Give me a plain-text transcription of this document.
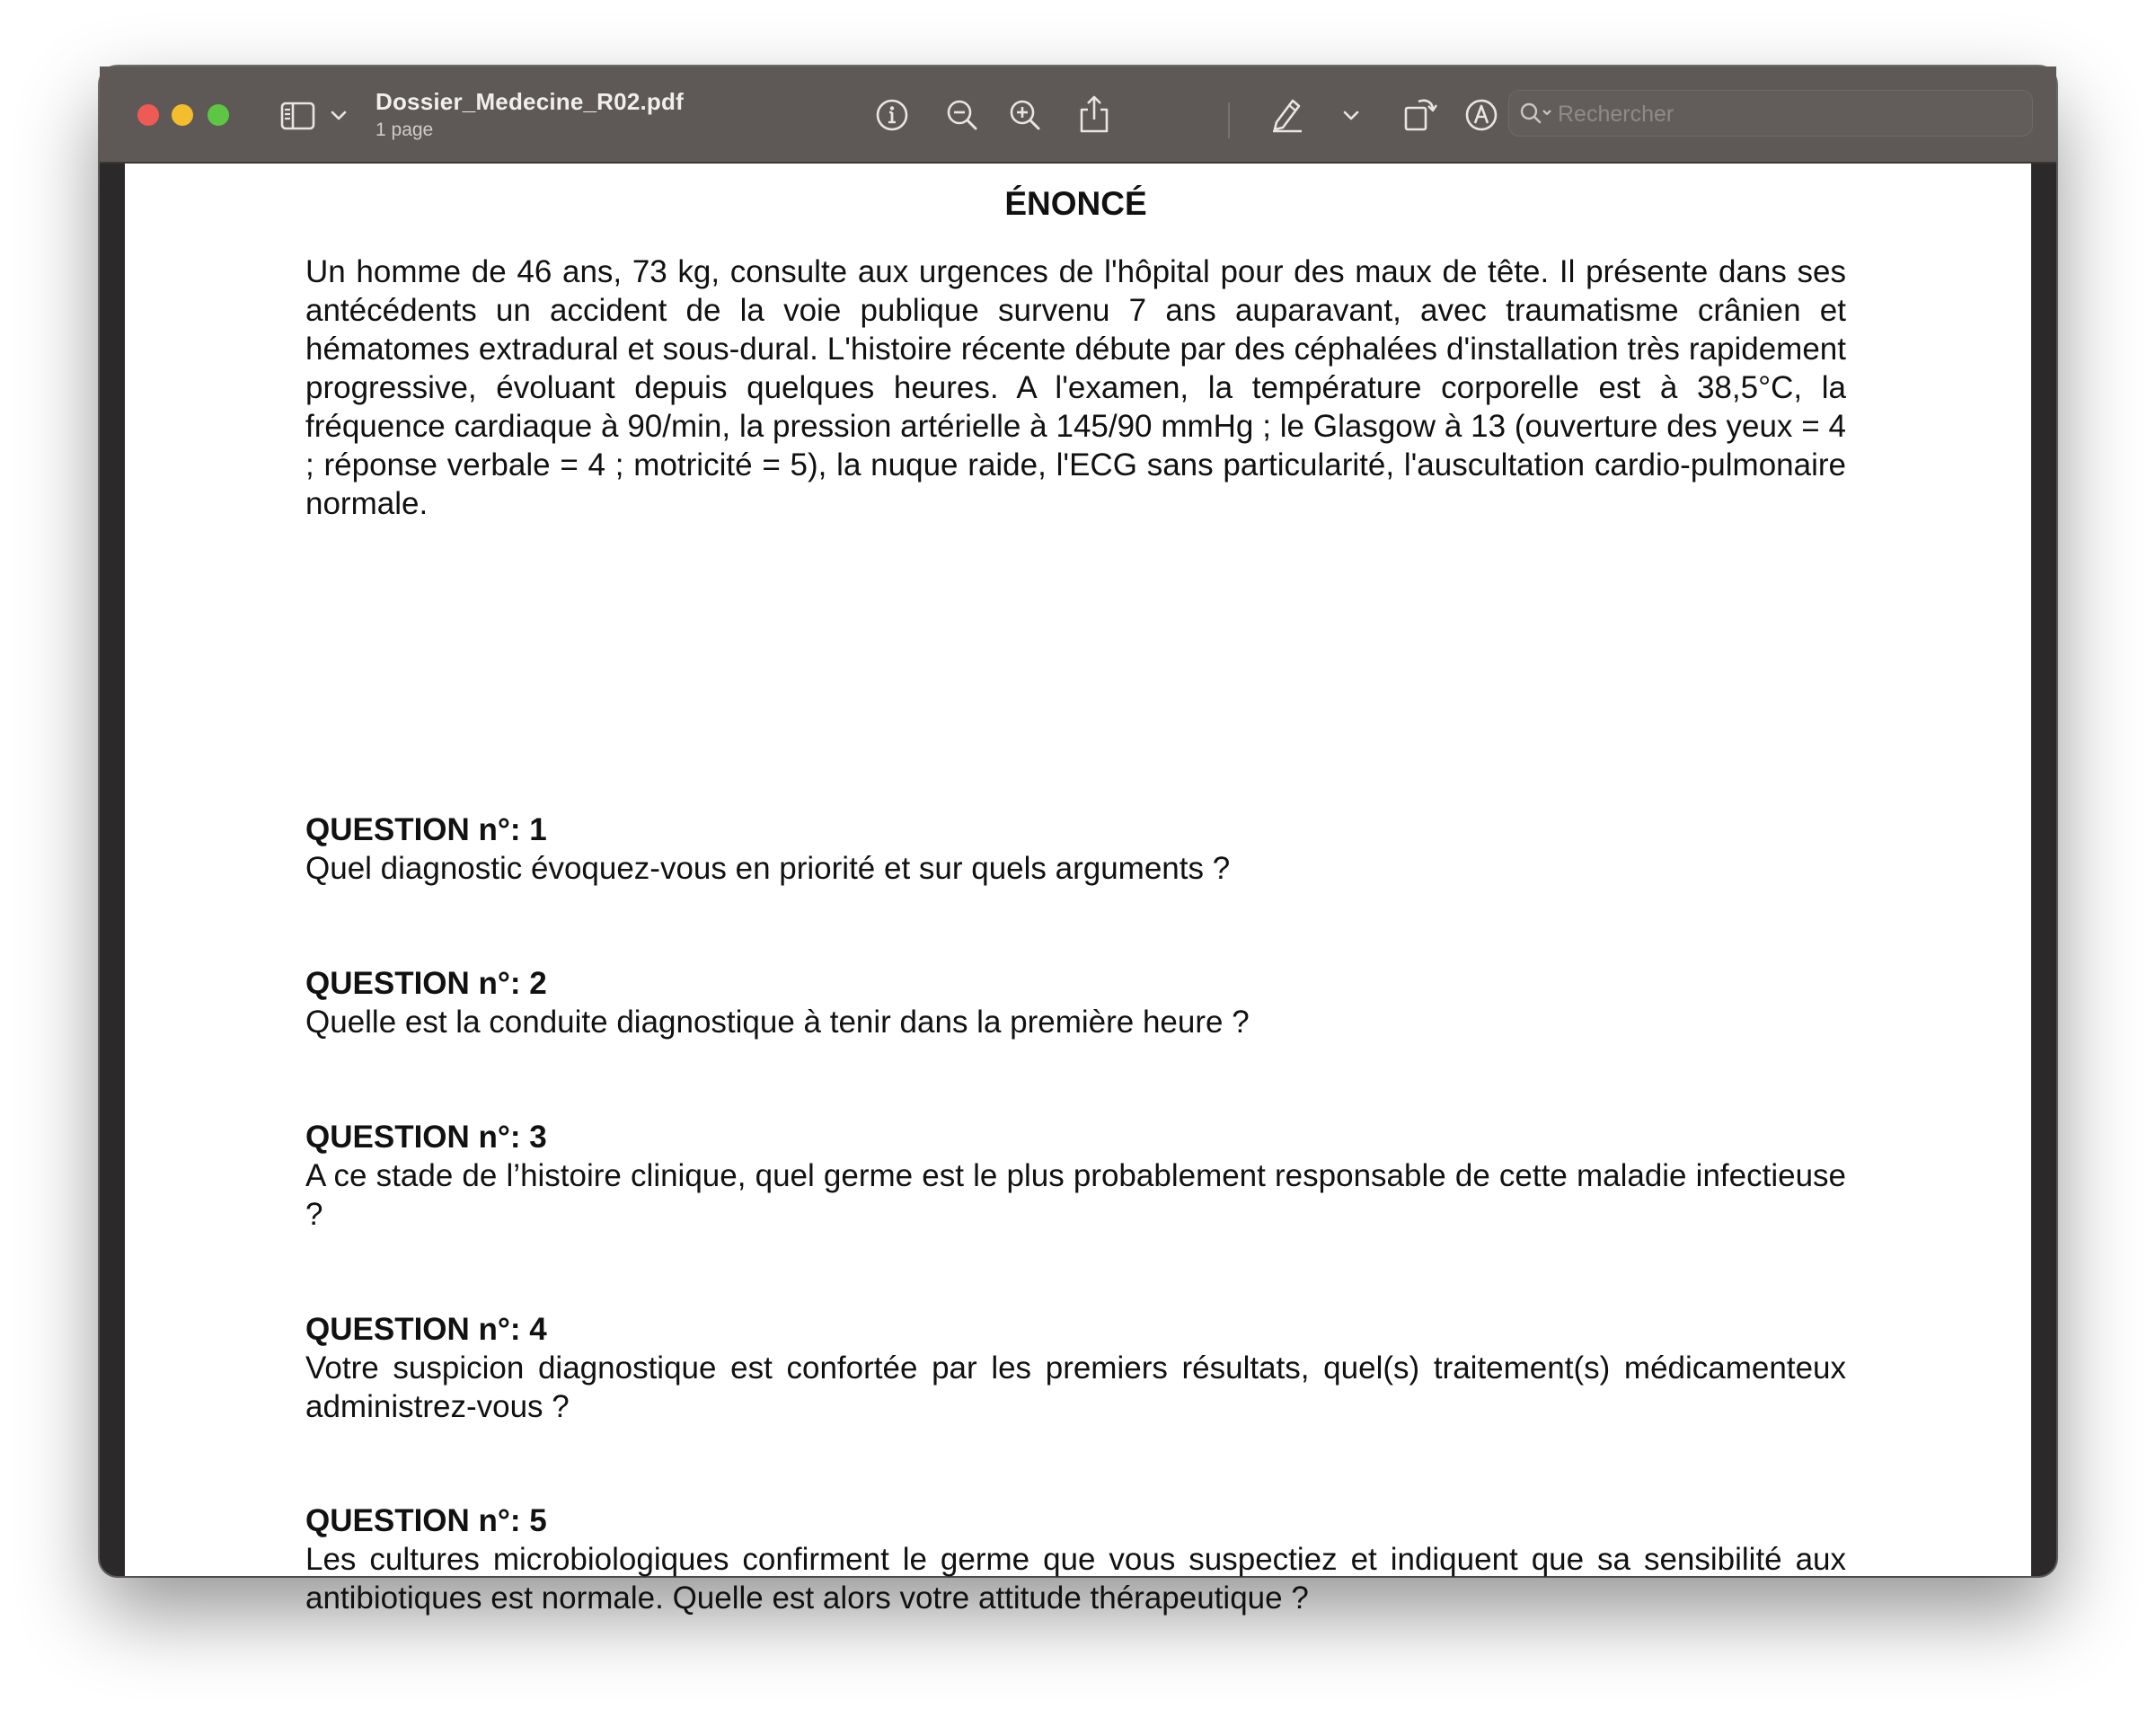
Dossier_Medecine_R02.pdf
1 page
Rechercher
ÉNONCÉ

Un homme de 46 ans, 73 kg, consulte aux urgences de l'hôpital pour des maux de tête. Il présente dans ses antécédents un accident de la voie publique survenu 7 ans auparavant, avec traumatisme crânien et hématomes extradural et sous-dural. L'histoire récente débute par des céphalées d'installation très rapidement progressive, évoluant depuis quelques heures. A l'examen, la température corporelle est à 38,5°C, la fréquence cardiaque à 90/min, la pression artérielle à 145/90 mmHg ; le Glasgow à 13 (ouverture des yeux = 4 ; réponse verbale = 4 ; motricité = 5), la nuque raide, l'ECG sans particularité, l'auscultation cardio-pulmonaire normale.

QUESTION n°: 1

Quel diagnostic évoquez-vous en priorité et sur quels arguments ?

QUESTION n°: 2

Quelle est la conduite diagnostique à tenir dans la première heure ?

QUESTION n°: 3

A ce stade de l’histoire clinique, quel germe est le plus probablement responsable de cette maladie infectieuse ?

QUESTION n°: 4

Votre suspicion diagnostique est confortée par les premiers résultats, quel(s) traitement(s) médicamenteux administrez-vous ?

QUESTION n°: 5

Les cultures microbiologiques confirment le germe que vous suspectiez et indiquent que sa sensibilité aux antibiotiques est normale. Quelle est alors votre attitude thérapeutique ?
